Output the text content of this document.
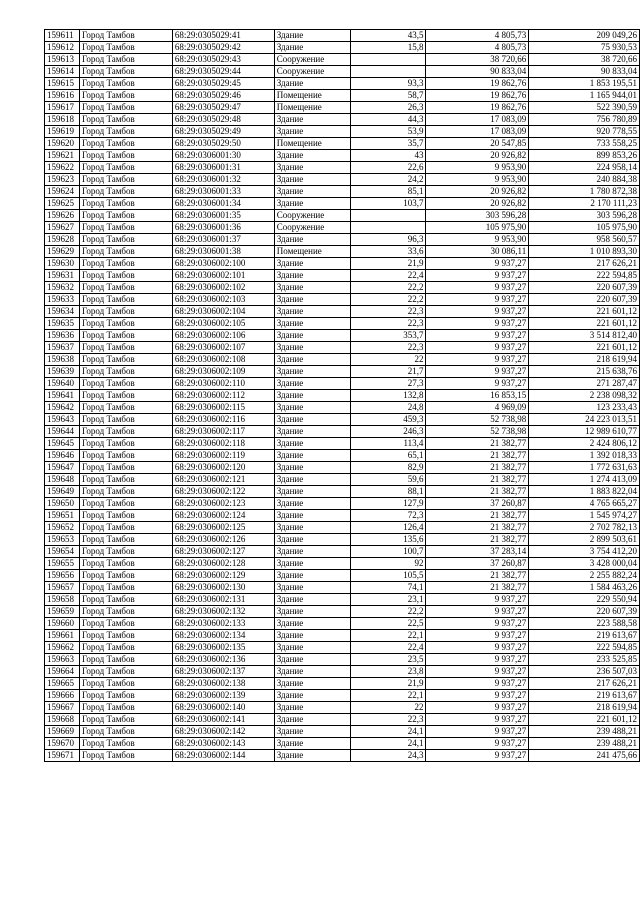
159611	Город Тамбов	68:29:0305029:41	Здание	43,5	4 805,73	209 049,26
159612	Город Тамбов	68:29:0305029:42	Здание	15,8	4 805,73	75 930,53
159613	Город Тамбов	68:29:0305029:43	Сооружение		38 720,66	38 720,66
159614	Город Тамбов	68:29:0305029:44	Сооружение		90 833,04	90 833,04
159615	Город Тамбов	68:29:0305029:45	Здание	93,3	19 862,76	1 853 195,51
159616	Город Тамбов	68:29:0305029:46	Помещение	58,7	19 862,76	1 165 944,01
159617	Город Тамбов	68:29:0305029:47	Помещение	26,3	19 862,76	522 390,59
159618	Город Тамбов	68:29:0305029:48	Здание	44,3	17 083,09	756 780,89
159619	Город Тамбов	68:29:0305029:49	Здание	53,9	17 083,09	920 778,55
159620	Город Тамбов	68:29:0305029:50	Помещение	35,7	20 547,85	733 558,25
159621	Город Тамбов	68:29:0306001:30	Здание	43	20 926,82	899 853,26
159622	Город Тамбов	68:29:0306001:31	Здание	22,6	9 953,90	224 958,14
159623	Город Тамбов	68:29:0306001:32	Здание	24,2	9 953,90	240 884,38
159624	Город Тамбов	68:29:0306001:33	Здание	85,1	20 926,82	1 780 872,38
159625	Город Тамбов	68:29:0306001:34	Здание	103,7	20 926,82	2 170 111,23
159626	Город Тамбов	68:29:0306001:35	Сооружение		303 596,28	303 596,28
159627	Город Тамбов	68:29:0306001:36	Сооружение		105 975,90	105 975,90
159628	Город Тамбов	68:29:0306001:37	Здание	96,3	9 953,90	958 560,57
159629	Город Тамбов	68:29:0306001:38	Помещение	33,6	30 086,11	1 010 893,30
159630	Город Тамбов	68:29:0306002:100	Здание	21,9	9 937,27	217 626,21
159631	Город Тамбов	68:29:0306002:101	Здание	22,4	9 937,27	222 594,85
159632	Город Тамбов	68:29:0306002:102	Здание	22,2	9 937,27	220 607,39
159633	Город Тамбов	68:29:0306002:103	Здание	22,2	9 937,27	220 607,39
159634	Город Тамбов	68:29:0306002:104	Здание	22,3	9 937,27	221 601,12
159635	Город Тамбов	68:29:0306002:105	Здание	22,3	9 937,27	221 601,12
159636	Город Тамбов	68:29:0306002:106	Здание	353,7	9 937,27	3 514 812,40
159637	Город Тамбов	68:29:0306002:107	Здание	22,3	9 937,27	221 601,12
159638	Город Тамбов	68:29:0306002:108	Здание	22	9 937,27	218 619,94
159639	Город Тамбов	68:29:0306002:109	Здание	21,7	9 937,27	215 638,76
159640	Город Тамбов	68:29:0306002:110	Здание	27,3	9 937,27	271 287,47
159641	Город Тамбов	68:29:0306002:112	Здание	132,8	16 853,15	2 238 098,32
159642	Город Тамбов	68:29:0306002:115	Здание	24,8	4 969,09	123 233,43
159643	Город Тамбов	68:29:0306002:116	Здание	459,3	52 738,98	24 223 013,51
159644	Город Тамбов	68:29:0306002:117	Здание	246,3	52 738,98	12 989 610,77
159645	Город Тамбов	68:29:0306002:118	Здание	113,4	21 382,77	2 424 806,12
159646	Город Тамбов	68:29:0306002:119	Здание	65,1	21 382,77	1 392 018,33
159647	Город Тамбов	68:29:0306002:120	Здание	82,9	21 382,77	1 772 631,63
159648	Город Тамбов	68:29:0306002:121	Здание	59,6	21 382,77	1 274 413,09
159649	Город Тамбов	68:29:0306002:122	Здание	88,1	21 382,77	1 883 822,04
159650	Город Тамбов	68:29:0306002:123	Здание	127,9	37 260,87	4 765 665,27
159651	Город Тамбов	68:29:0306002:124	Здание	72,3	21 382,77	1 545 974,27
159652	Город Тамбов	68:29:0306002:125	Здание	126,4	21 382,77	2 702 782,13
159653	Город Тамбов	68:29:0306002:126	Здание	135,6	21 382,77	2 899 503,61
159654	Город Тамбов	68:29:0306002:127	Здание	100,7	37 283,14	3 754 412,20
159655	Город Тамбов	68:29:0306002:128	Здание	92	37 260,87	3 428 000,04
159656	Город Тамбов	68:29:0306002:129	Здание	105,5	21 382,77	2 255 882,24
159657	Город Тамбов	68:29:0306002:130	Здание	74,1	21 382,77	1 584 463,26
159658	Город Тамбов	68:29:0306002:131	Здание	23,1	9 937,27	229 550,94
159659	Город Тамбов	68:29:0306002:132	Здание	22,2	9 937,27	220 607,39
159660	Город Тамбов	68:29:0306002:133	Здание	22,5	9 937,27	223 588,58
159661	Город Тамбов	68:29:0306002:134	Здание	22,1	9 937,27	219 613,67
159662	Город Тамбов	68:29:0306002:135	Здание	22,4	9 937,27	222 594,85
159663	Город Тамбов	68:29:0306002:136	Здание	23,5	9 937,27	233 525,85
159664	Город Тамбов	68:29:0306002:137	Здание	23,8	9 937,27	236 507,03
159665	Город Тамбов	68:29:0306002:138	Здание	21,9	9 937,27	217 626,21
159666	Город Тамбов	68:29:0306002:139	Здание	22,1	9 937,27	219 613,67
159667	Город Тамбов	68:29:0306002:140	Здание	22	9 937,27	218 619,94
159668	Город Тамбов	68:29:0306002:141	Здание	22,3	9 937,27	221 601,12
159669	Город Тамбов	68:29:0306002:142	Здание	24,1	9 937,27	239 488,21
159670	Город Тамбов	68:29:0306002:143	Здание	24,1	9 937,27	239 488,21
159671	Город Тамбов	68:29:0306002:144	Здание	24,3	9 937,27	241 475,66
